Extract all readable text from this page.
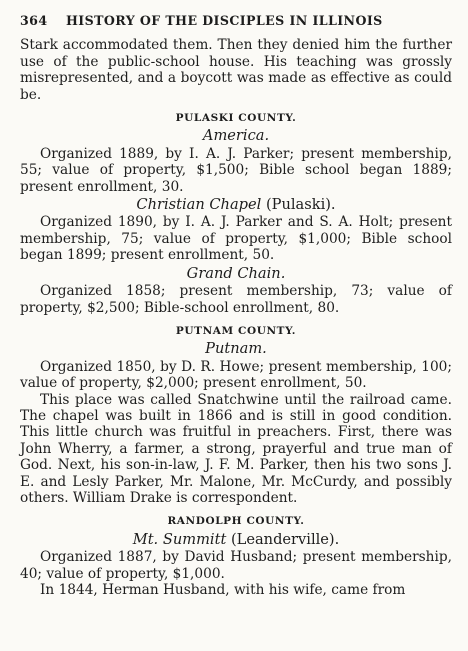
364	HISTORY OF THE DISCIPLES IN ILLINOIS

Stark accommodated them. Then they denied him the further use of the public-school house. His teaching was grossly misrepresented, and a boycott was made as effective as could be.

PULASKI COUNTY.
America.

Organized 1889, by I. A. J. Parker; present membership, 55; value of property, $1,500; Bible school began 1889; present enrollment, 30.

Christian Chapel (Pulaski).

Organized 1890, by I. A. J. Parker and S. A. Holt; present membership, 75; value of property, $1,000; Bible school began 1899; present enrollment, 50.

Grand Chain.

Organized 1858; present membership, 73; value of property, $2,500; Bible-school enrollment, 80.

PUTNAM COUNTY.
Putnam.

Organized 1850, by D. R. Howe; present membership, 100; value of property, $2,000; present enrollment, 50.

This place was called Snatchwine until the railroad came. The chapel was built in 1866 and is still in good condition. This little church was fruitful in preachers. First, there was John Wherry, a farmer, a strong, prayerful and true man of God. Next, his son-in-law, J. F. M. Parker, then his two sons J. E. and Lesly Parker, Mr. Malone, Mr. McCurdy, and possibly others. William Drake is correspondent.

RANDOLPH COUNTY.
Mt. Summitt (Leanderville).

Organized 1887, by David Husband; present membership, 40; value of property, $1,000.

In 1844, Herman Husband, with his wife, came from
